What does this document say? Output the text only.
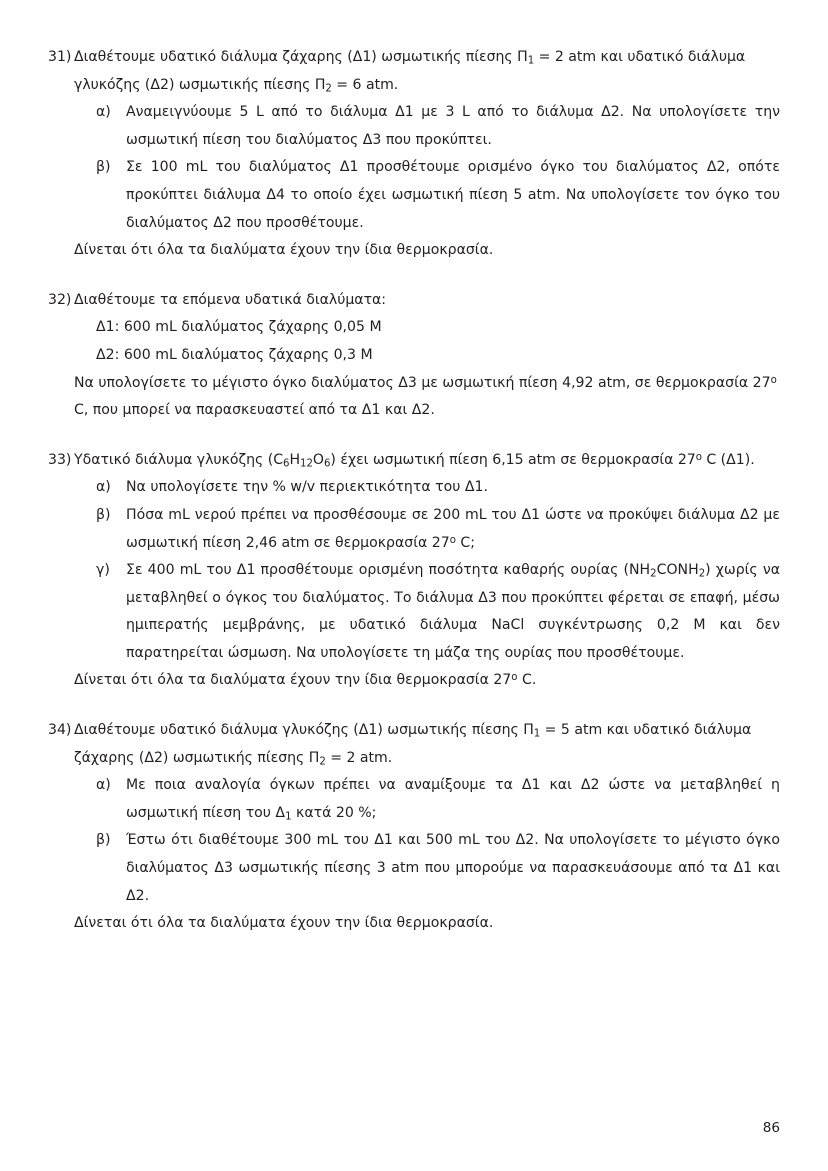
31) Διαθέτουμε υδατικό διάλυμα ζάχαρης (Δ1) ωσμωτικής πίεσης $\Pi_1 = 2$ atm και υδατικό διάλυμα γλυκόζης (Δ2) ωσμωτικής πίεσης $\Pi_2 = 6$ atm.
α)	Αναμειγνύουμε 5 L από το διάλυμα Δ1 με 3 L από το διάλυμα Δ2. Να υπολογίσετε την ωσμωτική πίεση του διαλύματος Δ3 που προκύπτει.
β)	Σε 100 mL του διαλύματος Δ1 προσθέτουμε ορισμένο όγκο του διαλύματος Δ2, οπότε προκύπτει διάλυμα Δ4 το οποίο έχει ωσμωτική πίεση 5 atm. Να υπολογίσετε τον όγκο του διαλύματος Δ2 που προσθέτουμε.
Δίνεται ότι όλα τα διαλύματα έχουν την ίδια θερμοκρασία.
32) Διαθέτουμε τα επόμενα υδατικά διαλύματα:
Δ1: 600 mL διαλύματος ζάχαρης 0,05 M
Δ2: 600 mL διαλύματος ζάχαρης 0,3 M
Να υπολογίσετε το μέγιστο όγκο διαλύματος Δ3 με ωσμωτική πίεση 4,92 atm, σε θερμοκρασία 27$^o$ C, που μπορεί να παρασκευαστεί από τα Δ1 και Δ2.
33) Υδατικό διάλυμα γλυκόζης $(C_6H_{12}O_6)$ έχει ωσμωτική πίεση 6,15 atm σε θερμοκρασία 27$^o$ C (Δ1).
α)	Να υπολογίσετε την % w/v περιεκτικότητα του Δ1.
β)	Πόσα mL νερού πρέπει να προσθέσουμε σε 200 mL του Δ1 ώστε να προκύψει διάλυμα Δ2 με ωσμωτική πίεση 2,46 atm σε θερμοκρασία 27$^o$ C;
γ)	Σε 400 mL του Δ1 προσθέτουμε ορισμένη ποσότητα καθαρής ουρίας $(NH_2CONH_2)$ χωρίς να μεταβληθεί ο όγκος του διαλύματος. Το διάλυμα Δ3 που προκύπτει φέρεται σε επαφή, μέσω ημιπερατής μεμβράνης, με υδατικό διάλυμα NaCl συγκέντρωσης 0,2 M και δεν παρατηρείται ώσμωση. Να υπολογίσετε τη μάζα της ουρίας που προσθέτουμε.
Δίνεται ότι όλα τα διαλύματα έχουν την ίδια θερμοκρασία 27$^o$ C.
34) Διαθέτουμε υδατικό διάλυμα γλυκόζης (Δ1) ωσμωτικής πίεσης $\Pi_1 = 5$ atm και υδατικό διάλυμα ζάχαρης (Δ2) ωσμωτικής πίεσης $\Pi_2 = 2$ atm.
α)	Με ποια αναλογία όγκων πρέπει να αναμίξουμε τα Δ1 και Δ2 ώστε να μεταβληθεί η ωσμωτική πίεση του $\Delta_1$ κατά 20 %;
β)	Έστω ότι διαθέτουμε 300 mL του Δ1 και 500 mL του Δ2. Να υπολογίσετε το μέγιστο όγκο διαλύματος Δ3 ωσμωτικής πίεσης 3 atm που μπορούμε να παρασκευάσουμε από τα Δ1 και Δ2.
Δίνεται ότι όλα τα διαλύματα έχουν την ίδια θερμοκρασία.
86
